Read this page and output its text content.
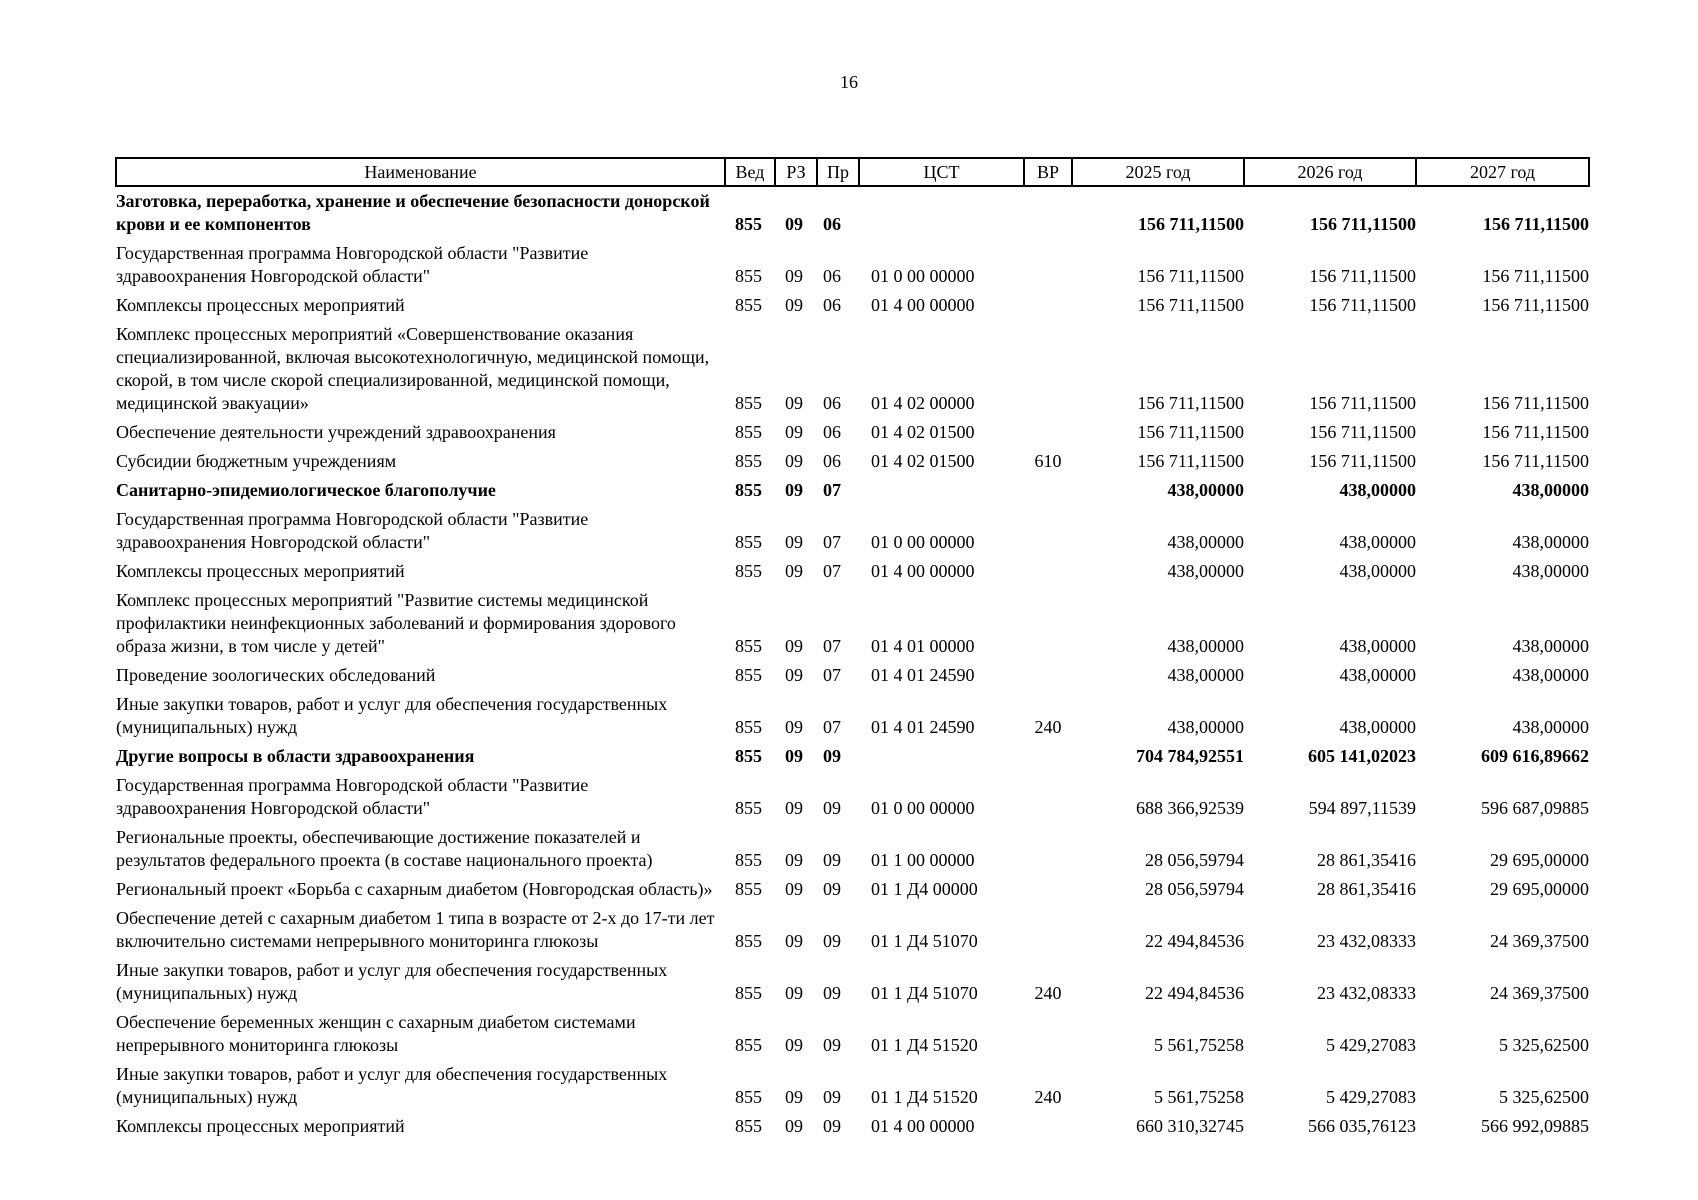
16
Наименование	Вед	РЗ	Пр	ЦСТ	ВР	2025 год	2026 год	2027 год
Заготовка, переработка, хранение и обеспечение безопасности донорской крови и ее компонентов	855	09	06			156 711,11500	156 711,11500	156 711,11500
Государственная программа Новгородской области "Развитие здравоохранения Новгородской области"	855	09	06	01 0 00 00000		156 711,11500	156 711,11500	156 711,11500
Комплексы процессных мероприятий	855	09	06	01 4 00 00000		156 711,11500	156 711,11500	156 711,11500
Комплекс процессных мероприятий «Совершенствование оказания специализированной, включая высокотехнологичную, медицинской помощи, скорой, в том числе скорой специализированной, медицинской помощи, медицинской эвакуации»	855	09	06	01 4 02 00000		156 711,11500	156 711,11500	156 711,11500
Обеспечение деятельности учреждений здравоохранения	855	09	06	01 4 02 01500		156 711,11500	156 711,11500	156 711,11500
Субсидии бюджетным учреждениям	855	09	06	01 4 02 01500	610	156 711,11500	156 711,11500	156 711,11500
Санитарно-эпидемиологическое благополучие	855	09	07			438,00000	438,00000	438,00000
Государственная программа Новгородской области "Развитие здравоохранения Новгородской области"	855	09	07	01 0 00 00000		438,00000	438,00000	438,00000
Комплексы процессных мероприятий	855	09	07	01 4 00 00000		438,00000	438,00000	438,00000
Комплекс процессных мероприятий "Развитие системы медицинской профилактики неинфекционных заболеваний и формирования здорового образа жизни, в том числе у детей"	855	09	07	01 4 01 00000		438,00000	438,00000	438,00000
Проведение зоологических обследований	855	09	07	01 4 01 24590		438,00000	438,00000	438,00000
Иные закупки товаров, работ и услуг для обеспечения государственных (муниципальных) нужд	855	09	07	01 4 01 24590	240	438,00000	438,00000	438,00000
Другие вопросы в области здравоохранения	855	09	09			704 784,92551	605 141,02023	609 616,89662
Государственная программа Новгородской области "Развитие здравоохранения Новгородской области"	855	09	09	01 0 00 00000		688 366,92539	594 897,11539	596 687,09885
Региональные проекты, обеспечивающие достижение показателей и результатов федерального проекта (в составе национального проекта)	855	09	09	01 1 00 00000		28 056,59794	28 861,35416	29 695,00000
Региональный проект «Борьба с сахарным диабетом (Новгородская область)»	855	09	09	01 1 Д4 00000		28 056,59794	28 861,35416	29 695,00000
Обеспечение детей с сахарным диабетом 1 типа в возрасте от 2-х до 17-ти лет включительно системами непрерывного мониторинга глюкозы	855	09	09	01 1 Д4 51070		22 494,84536	23 432,08333	24 369,37500
Иные закупки товаров, работ и услуг для обеспечения государственных (муниципальных) нужд	855	09	09	01 1 Д4 51070	240	22 494,84536	23 432,08333	24 369,37500
Обеспечение беременных женщин с сахарным диабетом системами непрерывного мониторинга глюкозы	855	09	09	01 1 Д4 51520		5 561,75258	5 429,27083	5 325,62500
Иные закупки товаров, работ и услуг для обеспечения государственных (муниципальных) нужд	855	09	09	01 1 Д4 51520	240	5 561,75258	5 429,27083	5 325,62500
Комплексы процессных мероприятий	855	09	09	01 4 00 00000		660 310,32745	566 035,76123	566 992,09885
